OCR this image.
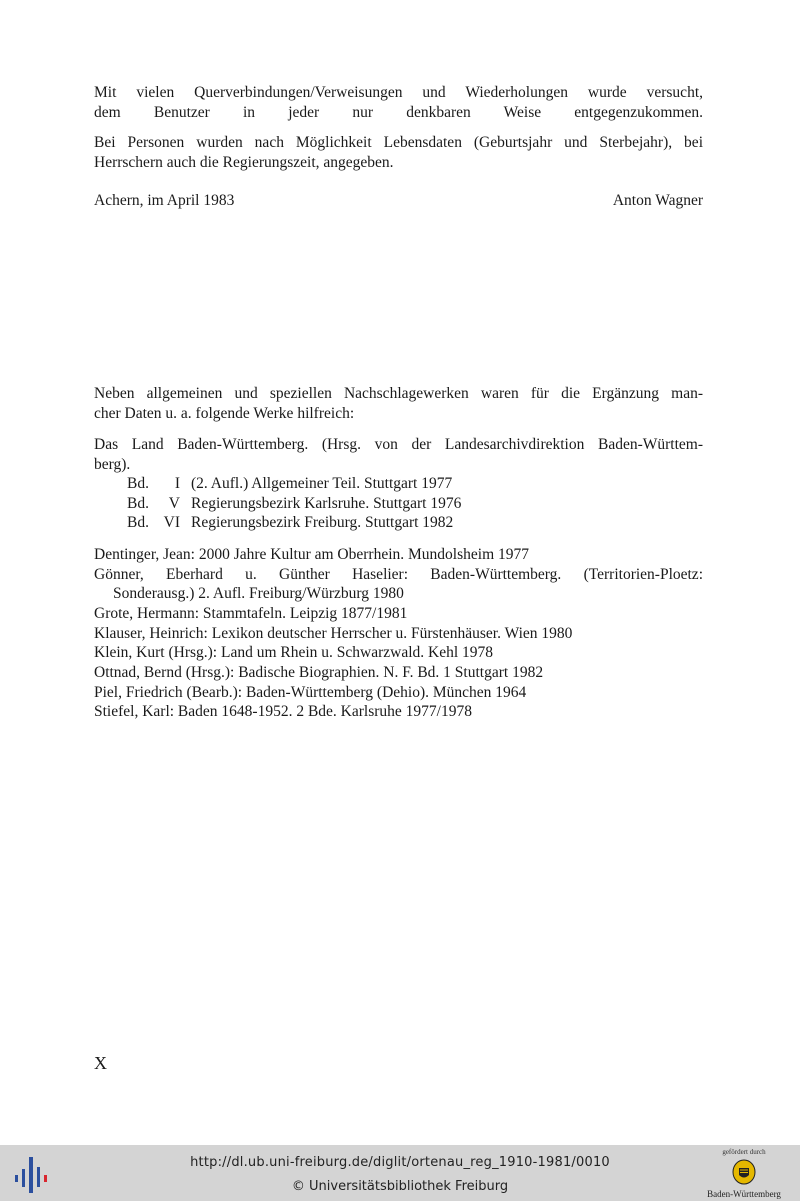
Mit vielen Querverbindungen/Verweisungen und Wiederholungen wurde versucht,
dem Benutzer in jeder nur denkbaren Weise entgegenzukommen.
Bei Personen wurden nach Möglichkeit Lebensdaten (Geburtsjahr und Sterbejahr), bei
Herrschern auch die Regierungszeit, angegeben.
Achern, im April 1983	Anton Wagner
Neben allgemeinen und speziellen Nachschlagewerken waren für die Ergänzung man-
cher Daten u. a. folgende Werke hilfreich:
Das Land Baden-Württemberg. (Hrsg. von der Landesarchivdirektion Baden-Württem-
berg).
Bd.	I (2. Aufl.) Allgemeiner Teil. Stuttgart 1977
Bd.	V Regierungsbezirk Karlsruhe. Stuttgart 1976
Bd. VI Regierungsbezirk Freiburg. Stuttgart 1982
Dentinger, Jean: 2000 Jahre Kultur am Oberrhein. Mundolsheim 1977
Gönner, Eberhard u. Günther Haselier: Baden-Württemberg. (Territorien-Ploetz:
Sonderausg.) 2. Aufl. Freiburg/Würzburg 1980
Grote, Hermann: Stammtafeln. Leipzig 1877/1981
Klauser, Heinrich: Lexikon deutscher Herrscher u. Fürstenhäuser. Wien 1980
Klein, Kurt (Hrsg.): Land um Rhein u. Schwarzwald. Kehl 1978
Ottnad, Bernd (Hrsg.): Badische Biographien. N. F. Bd. 1 Stuttgart 1982
Piel, Friedrich (Bearb.): Baden-Württemberg (Dehio). München 1964
Stiefel, Karl: Baden 1648-1952. 2 Bde. Karlsruhe 1977/1978
X
http://dl.ub.uni-freiburg.de/diglit/ortenau_reg_1910-1981/0010
© Universitätsbibliothek Freiburg
gefördert durch
Baden-Württemberg
